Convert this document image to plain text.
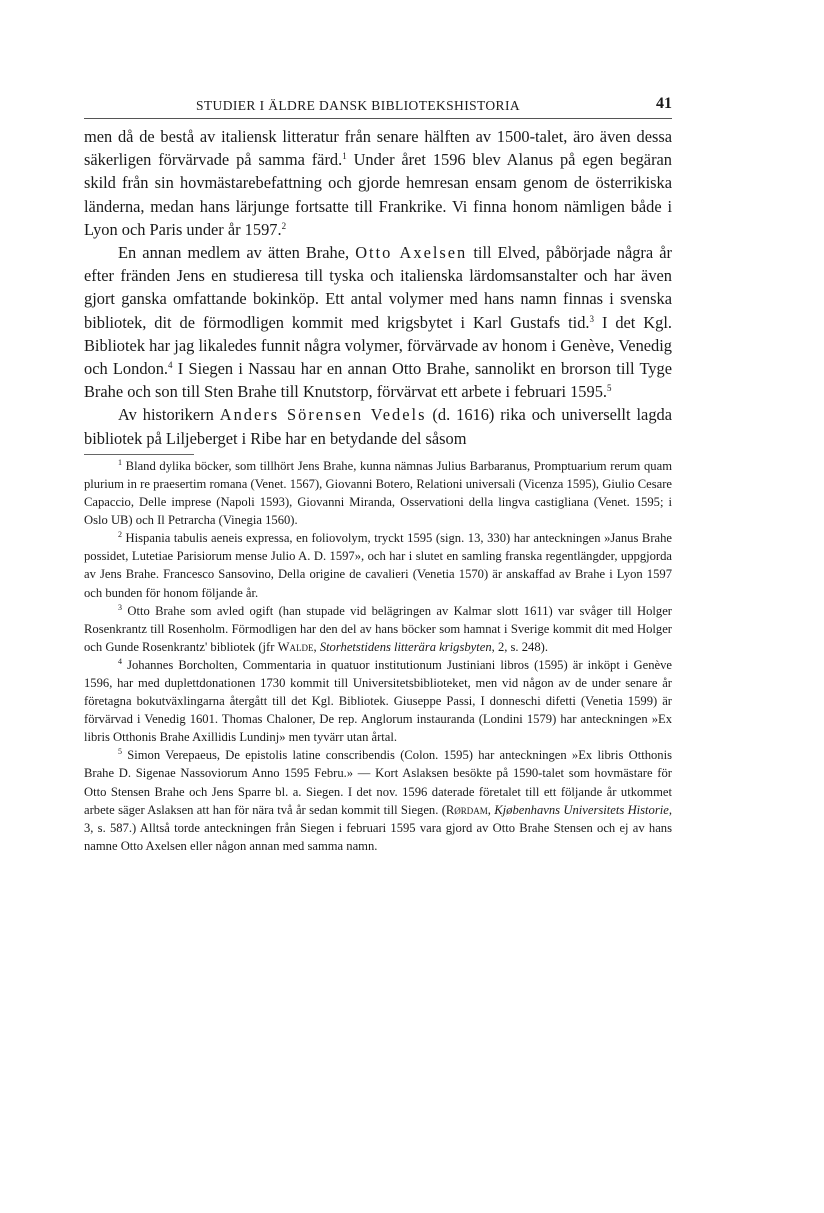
STUDIER I ÄLDRE DANSK BIBLIOTEKSHISTORIA	41

men då de bestå av italiensk litteratur från senare hälften av 1500-talet, äro även dessa säkerligen förvärvade på samma färd.$^1$ Under året 1596 blev Alanus på egen begäran skild från sin hovmästarebefattning och gjorde hemresan ensam genom de österrikiska länderna, medan hans lärjunge fortsatte till Frankrike. Vi finna honom nämligen både i Lyon och Paris under år 1597.$^2$

En annan medlem av ätten Brahe, Otto Axelsen till Elved, påbörjade några år efter fränden Jens en studieresa till tyska och italienska lärdomsanstalter och har även gjort ganska omfattande bokinköp. Ett antal volymer med hans namn finnas i svenska bibliotek, dit de förmodligen kommit med krigsbytet i Karl Gustafs tid.$^3$ I det Kgl. Bibliotek har jag likaledes funnit några volymer, förvärvade av honom i Genève, Venedig och London.$^4$ I Siegen i Nassau har en annan Otto Brahe, sannolikt en brorson till Tyge Brahe och son till Sten Brahe till Knutstorp, förvärvat ett arbete i februari 1595.$^5$

Av historikern Anders Sörensen Vedels (d. 1616) rika och universellt lagda bibliotek på Liljeberget i Ribe har en betydande del såsom

$^1$ Bland dylika böcker, som tillhört Jens Brahe, kunna nämnas Julius Barbaranus, Promptuarium rerum quam plurium in re praesertim romana (Venet. 1567), Giovanni Botero, Relationi universali (Vicenza 1595), Giulio Cesare Capaccio, Delle imprese (Napoli 1593), Giovanni Miranda, Osservationi della lingva castigliana (Venet. 1595; i Oslo UB) och Il Petrarcha (Vinegia 1560).

$^2$ Hispania tabulis aeneis expressa, en foliovolym, tryckt 1595 (sign. 13, 330) har anteckningen »Janus Brahe possidet, Lutetiae Parisiorum mense Julio A. D. 1597», och har i slutet en samling franska regentlängder, uppgjorda av Jens Brahe. Francesco Sansovino, Della origine de cavalieri (Venetia 1570) är anskaffad av Brahe i Lyon 1597 och bunden för honom följande år.

$^3$ Otto Brahe som avled ogift (han stupade vid belägringen av Kalmar slott 1611) var svåger till Holger Rosenkrantz till Rosenholm. Förmodligen har den del av hans böcker som hamnat i Sverige kommit dit med Holger och Gunde Rosenkrantz' bibliotek (jfr Walde, Storhetstidens litterära krigsbyten, 2, s. 248).

$^4$ Johannes Borcholten, Commentaria in quatuor institutionum Justiniani libros (1595) är inköpt i Genève 1596, har med duplettdonationen 1730 kommit till Universitetsbiblioteket, men vid någon av de under senare år företagna bokutväxlingarna återgått till det Kgl. Bibliotek. Giuseppe Passi, I donneschi difetti (Venetia 1599) är förvärvad i Venedig 1601. Thomas Chaloner, De rep. Anglorum instauranda (Londini 1579) har anteckningen »Ex libris Otthonis Brahe Axillidis Lundinj» men tyvärr utan årtal.

$^5$ Simon Verepaeus, De epistolis latine conscribendis (Colon. 1595) har anteckningen »Ex libris Otthonis Brahe D. Sigenae Nassoviorum Anno 1595 Febru.» — Kort Aslaksen besökte på 1590-talet som hovmästare för Otto Stensen Brahe och Jens Sparre bl. a. Siegen. I det nov. 1596 daterade företalet till ett följande år utkommet arbete säger Aslaksen att han för nära två år sedan kommit till Siegen. (Rørdam, Kjøbenhavns Universitets Historie, 3, s. 587.) Alltså torde anteckningen från Siegen i februari 1595 vara gjord av Otto Brahe Stensen och ej av hans namne Otto Axelsen eller någon annan med samma namn.
